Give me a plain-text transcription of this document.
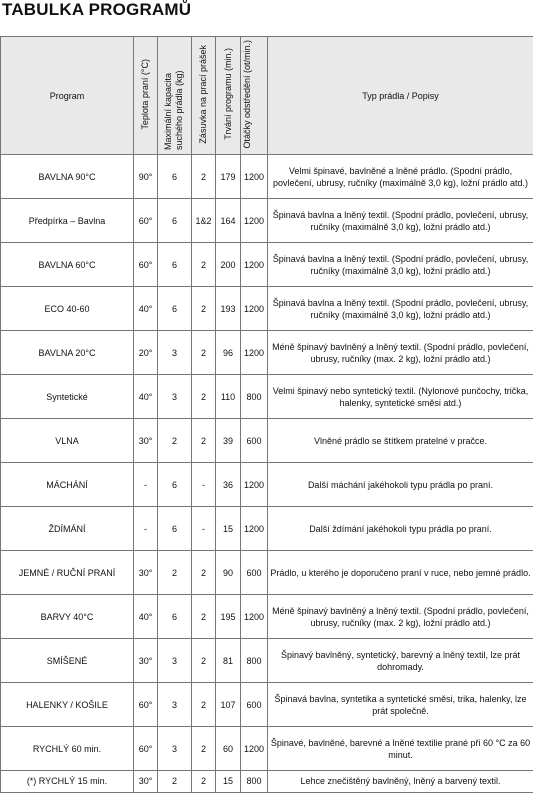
TABULKA PROGRAMŮ
Program	Teplota praní (°C)	Maximální kapacita suchého prádla (kg)	Zásuvka na prací prášek	Trvání programu (min.)	Otáčky odstředění (ot/min.)	Typ prádla / Popisy
BAVLNA 90°C	90°	6	2	179	1200	Velmi špinavé, bavlněné a lněné prádlo. (Spodní prádlo, povlečení, ubrusy, ručníky (maximálně 3,0 kg), ložní prádlo atd.)
Předpírka – Bavlna	60°	6	1&2	164	1200	Špinavá bavlna a lněný textil. (Spodní prádlo, povlečení, ubrusy, ručníky (maximálně 3,0 kg), ložní prádlo atd.)
BAVLNA 60°C	60°	6	2	200	1200	Špinavá bavlna a lněný textil. (Spodní prádlo, povlečení, ubrusy, ručníky (maximálně 3,0 kg), ložní prádlo atd.)
ECO 40-60	40°	6	2	193	1200	Špinavá bavlna a lněný textil. (Spodní prádlo, povlečení, ubrusy, ručníky (maximálně 3,0 kg), ložní prádlo atd.)
BAVLNA 20°C	20°	3	2	96	1200	Méně špinavý bavlněný a lněný textil. (Spodní prádlo, povlečení, ubrusy, ručníky (max. 2 kg), ložní prádlo atd.)
Syntetické	40°	3	2	110	800	Velmi špinavý nebo syntetický textil. (Nylonové punčochy, trička, halenky, syntetické směsi atd.)
VLNA	30°	2	2	39	600	Vlněné prádlo se štítkem pratelné v pračce.
MÁCHÁNÍ	-	6	-	36	1200	Další máchání jakéhokoli typu prádla po praní.
ŽDÍMÁNÍ	-	6	-	15	1200	Další ždímání jakéhokoli typu prádla po praní.
JEMNÉ / RUČNÍ PRANÍ	30°	2	2	90	600	Prádlo, u kterého je doporučeno praní v ruce, nebo jemné prádlo.
BARVY 40°C	40°	6	2	195	1200	Méně špinavý bavlněný a lněný textil. (Spodní prádlo, povlečení, ubrusy, ručníky (max. 2 kg), ložní prádlo atd.)
SMÍŠENÉ	30°	3	2	81	800	Špinavý bavlněný, syntetický, barevný a lněný textil, lze prát dohromady.
HALENKY / KOŠILE	60°	3	2	107	600	Špinavá bavlna, syntetika a syntetické směsi, trika, halenky, lze prát společně.
RYCHLÝ 60 min.	60°	3	2	60	1200	Špinavé, bavlněné, barevné a lněné textilie prané při 60 °C za 60 minut.
(*) RYCHLÝ 15 min.	30°	2	2	15	800	Lehce znečištěný bavlněný, lněný a barvený textil.
